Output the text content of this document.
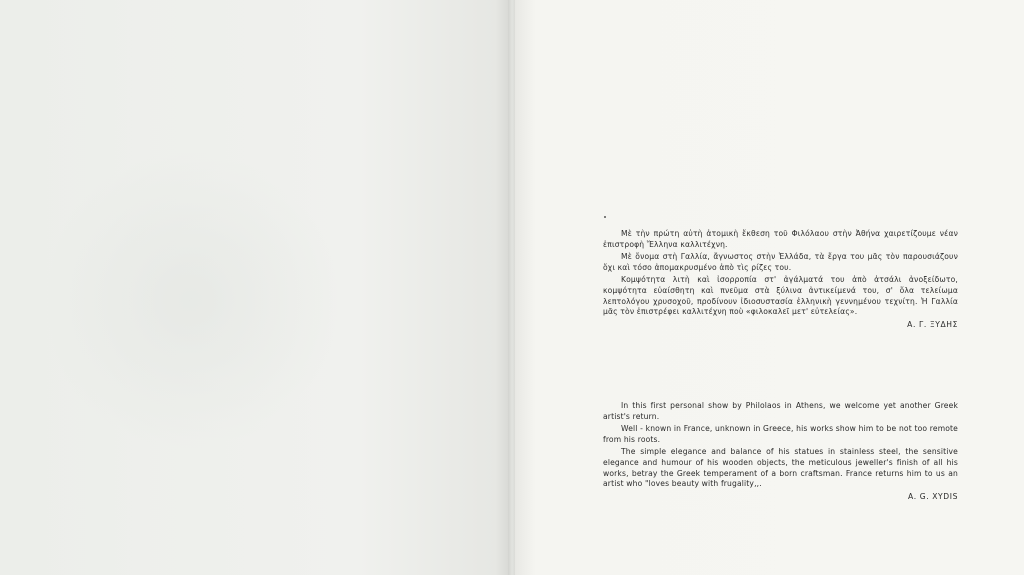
Μὲ τὴν πρώτη αὐτὴ ἀτομικὴ ἔκθεση τοῦ Φιλόλαου στὴν Ἀθήνα χαιρετίζουμε νέαν ἐπιστροφὴ Ἕλληνα καλλιτέχνη.

Μὲ ὄνομα στὴ Γαλλία, ἄγνωστος στὴν Ἑλλάδα, τὰ ἔργα του μᾶς τὸν παρουσιάζουν ὄχι καὶ τόσο ἀπομακρυσμένο ἀπὸ τὶς ρίζες του.

Κομψότητα λιτὴ καὶ ἰσορροπία στ' ἀγάλματά του ἀπὸ ἀτσάλι ἀνοξείδωτο, κομψότητα εὐαίσθητη καὶ πνεῦμα στὰ ξύλινα ἀντικείμενά του, σ' ὅλα τελείωμα λεπτολόγου χρυσοχοῦ, προδίνουν ἰδιοσυστασία ἑλληνικὴ γεννημένου τεχνίτη. Ἡ Γαλλία μᾶς τὸν ἐπιστρέφει καλλιτέχνη ποὺ «φιλοκαλεῖ μετ' εὐτελείας».

Α. Γ. ΞΥΔΗΣ

In this first personal show by Philolaos in Athens, we welcome yet another Greek artist's return.

Well - known in France, unknown in Greece, his works show him to be not too remote from his roots.

The simple elegance and balance of his statues in stainless steel, the sensitive elegance and humour of his wooden objects, the meticulous jeweller's finish of all his works, betray the Greek temperament of a born craftsman. France returns him to us an artist who "loves beauty with frugality,,.

A. G. XYDIS
